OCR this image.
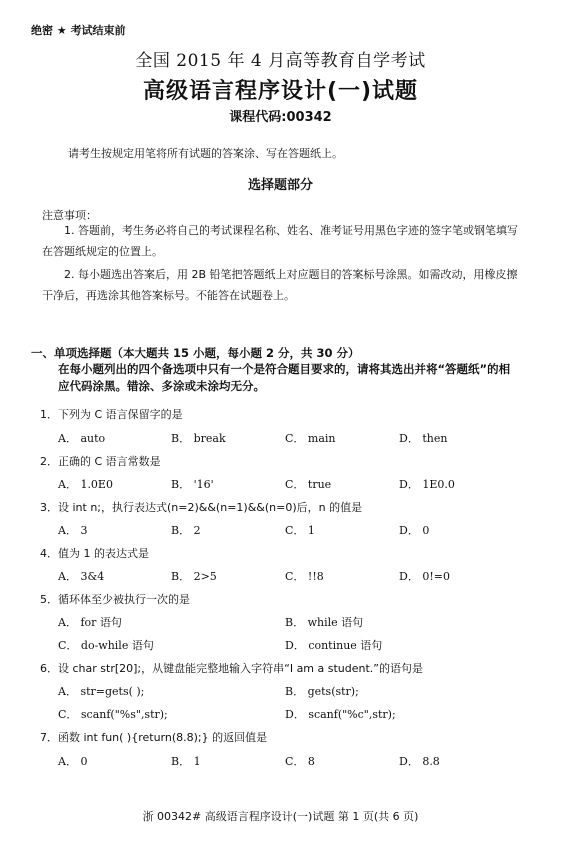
绝密 ★ 考试结束前
全国 2015 年 4 月高等教育自学考试
高级语言程序设计(一)试题
课程代码:00342
请考生按规定用笔将所有试题的答案涂、写在答题纸上。
选择题部分
注意事项：
1. 答题前，考生务必将自己的考试课程名称、姓名、准考证号用黑色字迹的签字笔或钢笔填写在答题纸规定的位置上。
2. 每小题选出答案后，用 2B 铅笔把答题纸上对应题目的答案标号涂黑。如需改动，用橡皮擦干净后，再选涂其他答案标号。不能答在试题卷上。
一、单项选择题（本大题共 15 小题，每小题 2 分，共 30 分）
在每小题列出的四个备选项中只有一个是符合题目要求的，请将其选出并将“答题纸”的相应代码涂黑。错涂、多涂或未涂均无分。
1．下列为 C 语言保留字的是
A． auto	B． break	C． main	D． then
2．正确的 C 语言常数是
A． 1.0E0	B． '16'	C． true	D． 1E0.0
3．设 int n;，执行表达式(n=2)&&(n=1)&&(n=0)后，n 的值是
A． 3	B． 2	C． 1	D． 0
4．值为 1 的表达式是
A． 3&4	B． 2>5	C． !!8	D． 0!=0
5．循环体至少被执行一次的是
A． for 语句	B． while 语句
C． do-while 语句	D． continue 语句
6．设 char str[20];，从键盘能完整地输入字符串“I am a student.”的语句是
A． str=gets( );	B． gets(str);
C． scanf("%s",str);	D． scanf("%c",str);
7．函数 int fun( ){return(8.8);} 的返回值是
A． 0	B． 1	C． 8	D． 8.8
浙 00342# 高级语言程序设计(一)试题 第 1 页(共 6 页)
